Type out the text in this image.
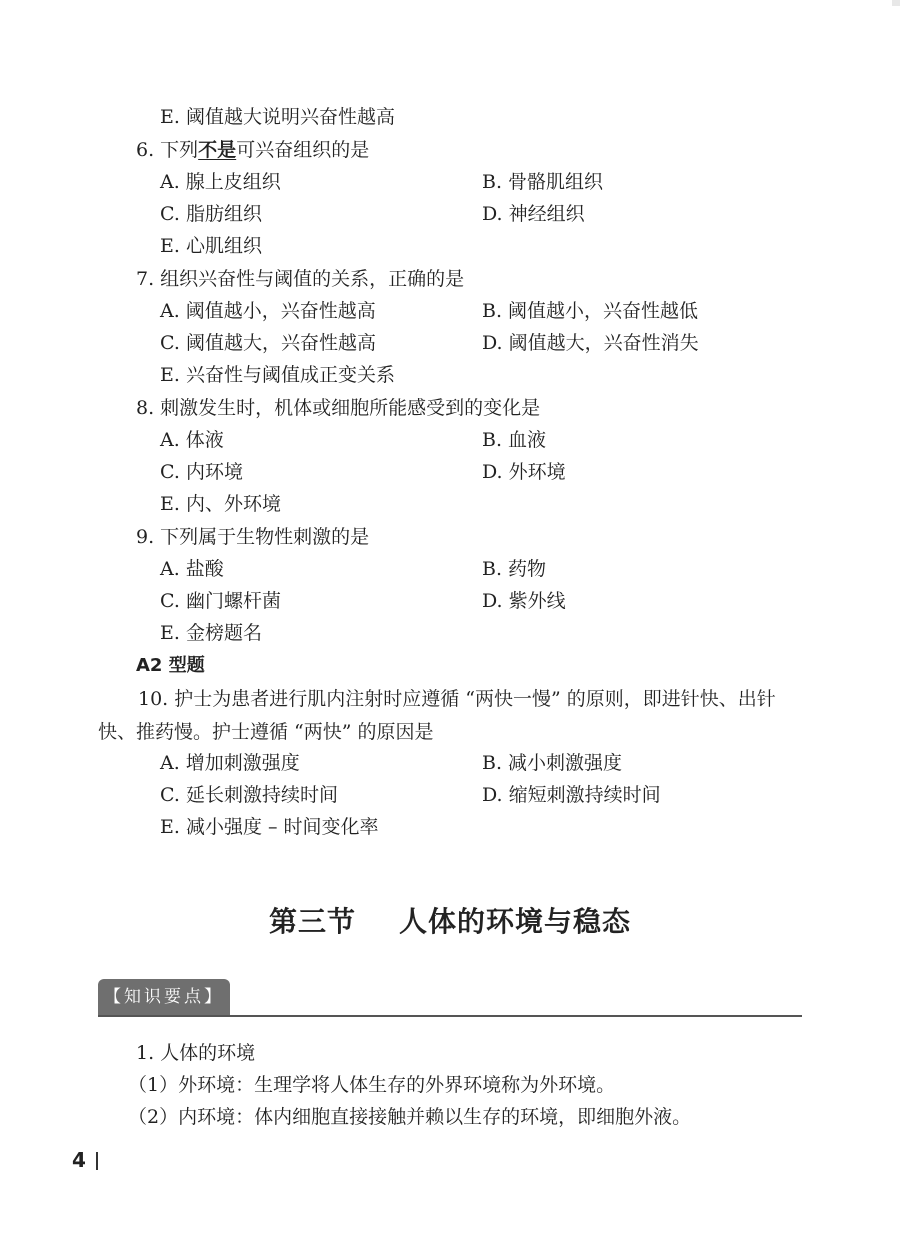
E. 阈值越大说明兴奋性越高
6. 下列不是可兴奋组织的是
A. 腺上皮组织	B. 骨骼肌组织
C. 脂肪组织	D. 神经组织
E. 心肌组织
7. 组织兴奋性与阈值的关系，正确的是
A. 阈值越小，兴奋性越高	B. 阈值越小，兴奋性越低
C. 阈值越大，兴奋性越高	D. 阈值越大，兴奋性消失
E. 兴奋性与阈值成正变关系
8. 刺激发生时，机体或细胞所能感受到的变化是
A. 体液	B. 血液
C. 内环境	D. 外环境
E. 内、外环境
9. 下列属于生物性刺激的是
A. 盐酸	B. 药物
C. 幽门螺杆菌	D. 紫外线
E. 金榜题名
A2 型题
10. 护士为患者进行肌内注射时应遵循 “两快一慢” 的原则，即进针快、出针快、推药慢。护士遵循 “两快” 的原因是
A. 增加刺激强度	B. 减小刺激强度
C. 延长刺激持续时间	D. 缩短刺激持续时间
E. 减小强度 – 时间变化率
第三节    人体的环境与稳态
【知识要点】
1. 人体的环境
（1）外环境：生理学将人体生存的外界环境称为外环境。
（2）内环境：体内细胞直接接触并赖以生存的环境，即细胞外液。
4
